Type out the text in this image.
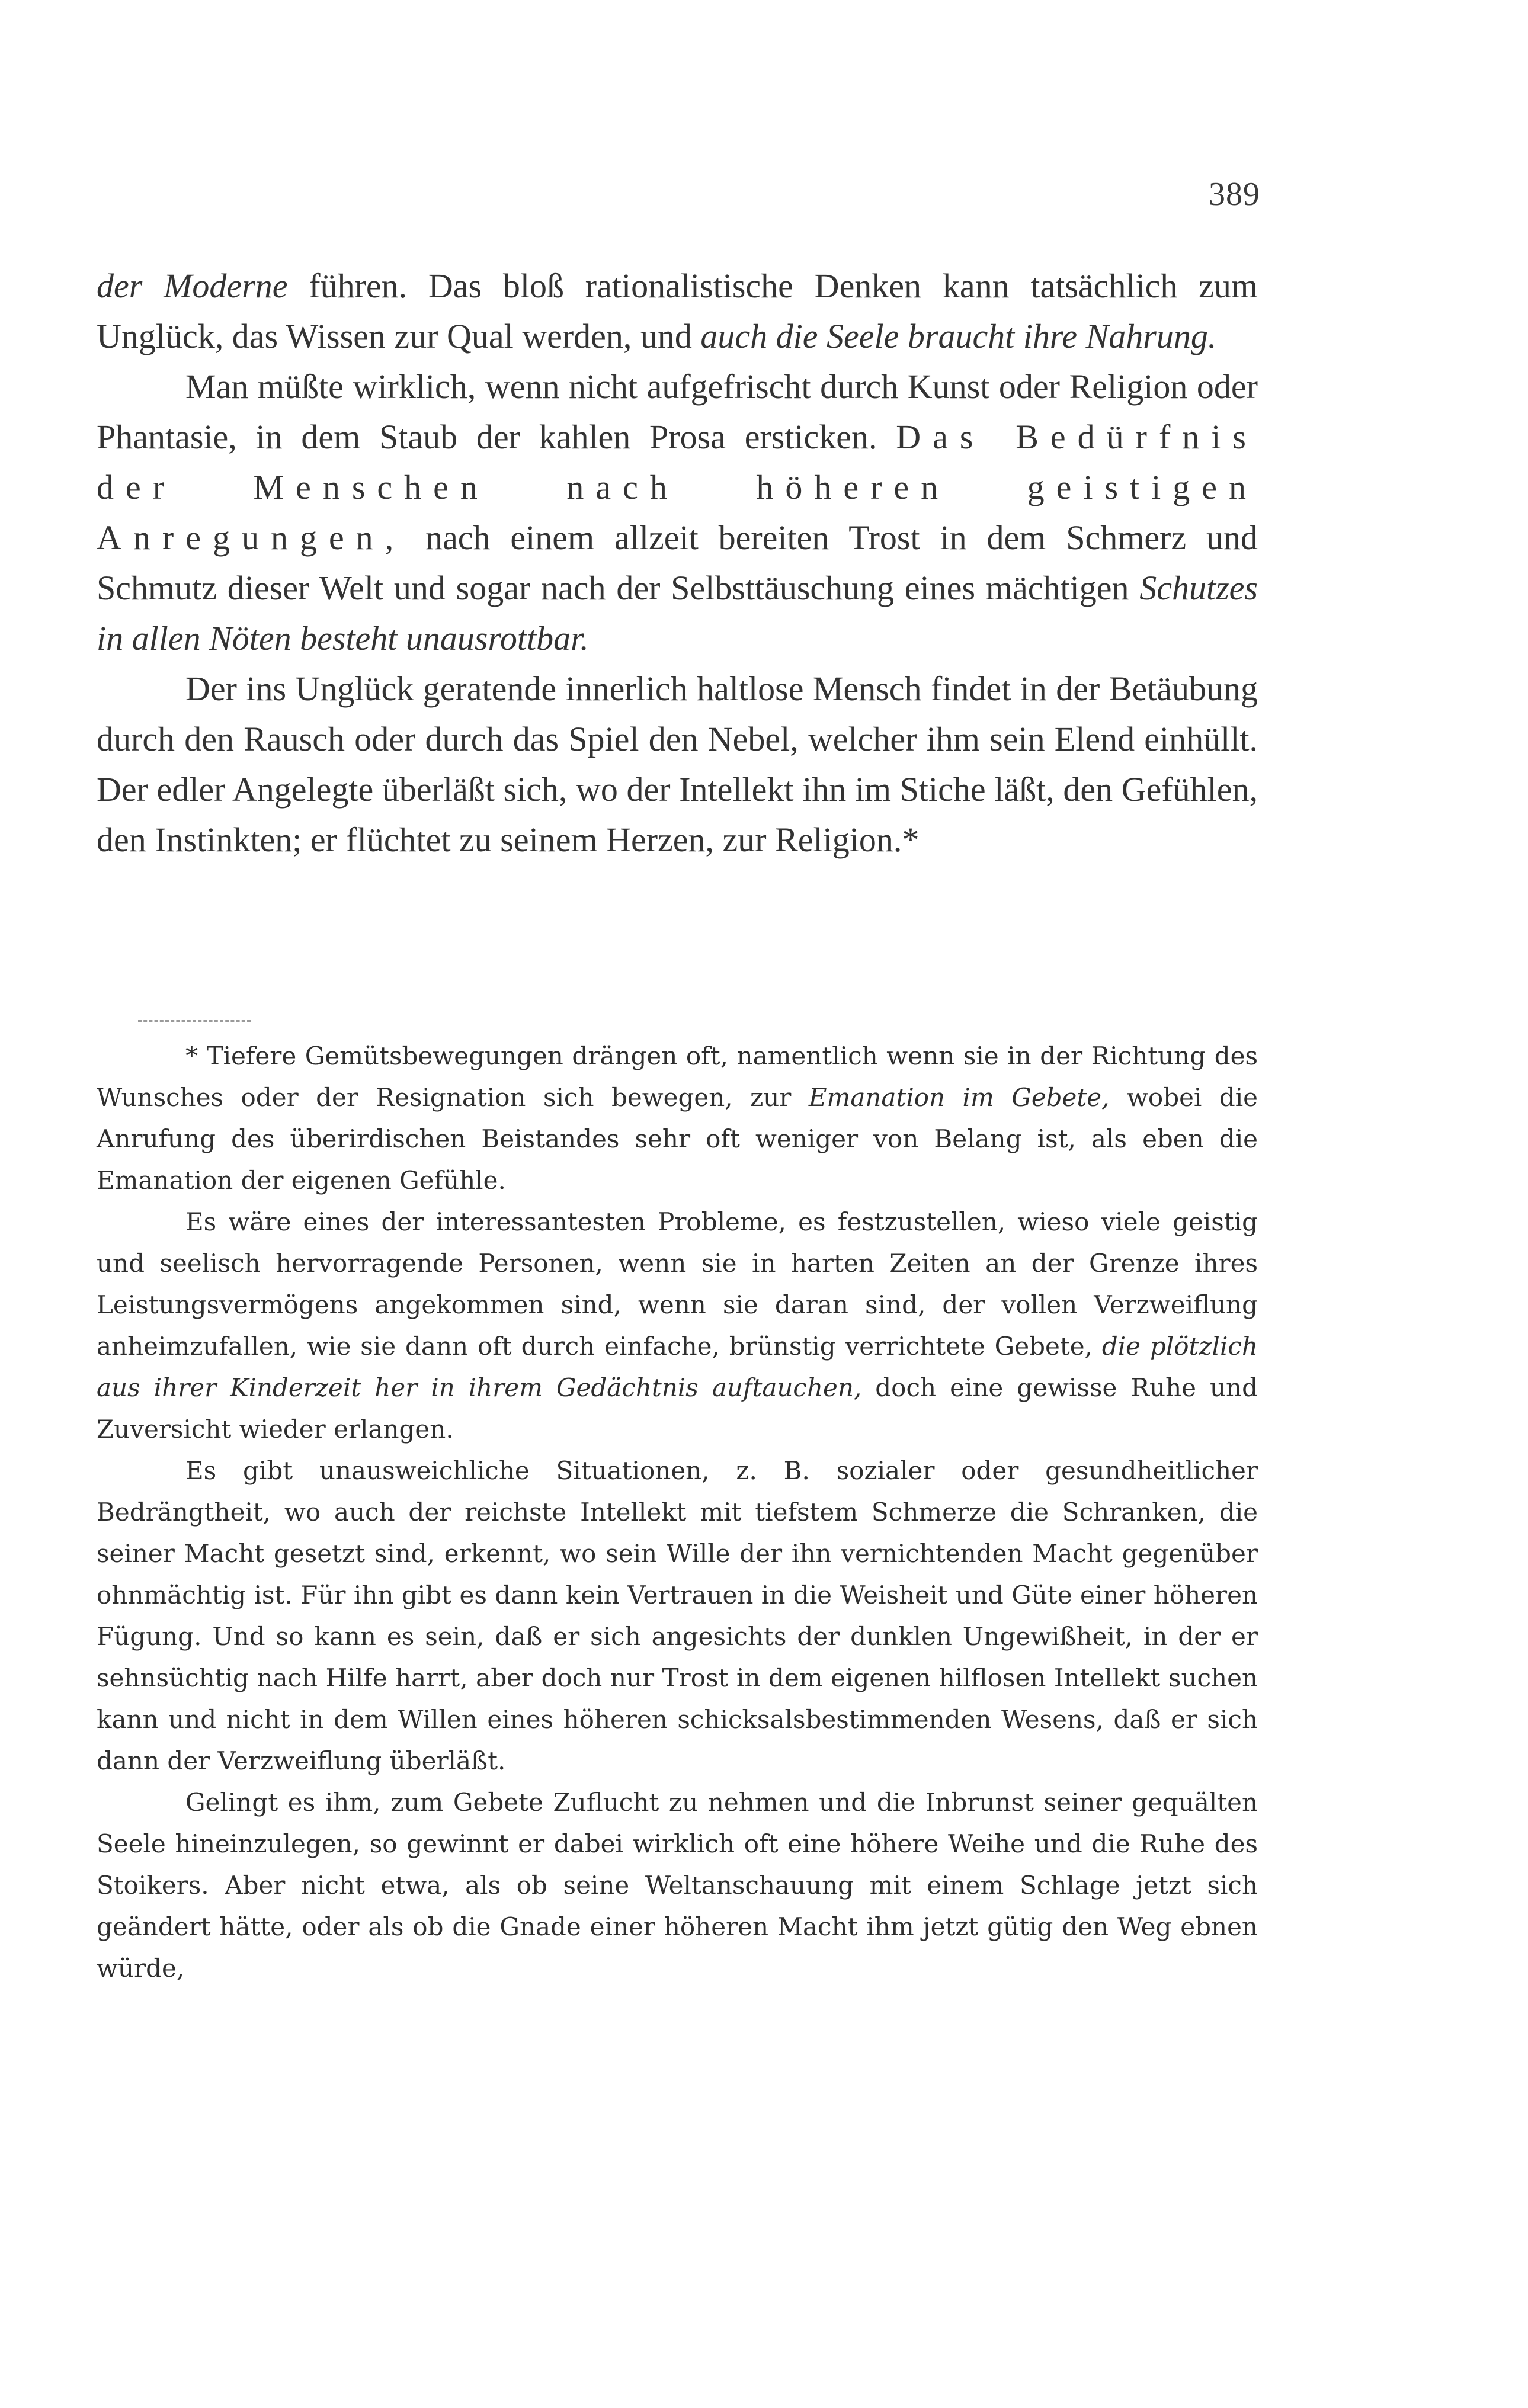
389

der Moderne führen. Das bloß rationalistische Denken kann tatsächlich zum Unglück, das Wissen zur Qual werden, und auch die Seele braucht ihre Nahrung.

Man müßte wirklich, wenn nicht aufgefrischt durch Kunst oder Religion oder Phantasie, in dem Staub der kahlen Prosa ersticken. Das Bedürfnis der Menschen nach höheren geistigen Anregungen, nach einem allzeit bereiten Trost in dem Schmerz und Schmutz dieser Welt und sogar nach der Selbsttäuschung eines mächtigen Schutzes in allen Nöten besteht unausrottbar.

Der ins Unglück geratende innerlich haltlose Mensch findet in der Betäubung durch den Rausch oder durch das Spiel den Nebel, welcher ihm sein Elend einhüllt. Der edler Angelegte überläßt sich, wo der Intellekt ihn im Stiche läßt, den Gefühlen, den Instinkten; er flüchtet zu seinem Herzen, zur Religion.*

* Tiefere Gemütsbewegungen drängen oft, namentlich wenn sie in der Richtung des Wunsches oder der Resignation sich bewegen, zur Emanation im Gebete, wobei die Anrufung des überirdischen Beistandes sehr oft weniger von Belang ist, als eben die Emanation der eigenen Gefühle.

Es wäre eines der interessantesten Probleme, es festzustellen, wieso viele geistig und seelisch hervorragende Personen, wenn sie in harten Zeiten an der Grenze ihres Leistungsvermögens angekommen sind, wenn sie daran sind, der vollen Verzweiflung anheimzufallen, wie sie dann oft durch einfache, brünstig verrichtete Gebete, die plötzlich aus ihrer Kinderzeit her in ihrem Gedächtnis auftauchen, doch eine gewisse Ruhe und Zuversicht wieder erlangen.

Es gibt unausweichliche Situationen, z. B. sozialer oder gesundheitlicher Bedrängtheit, wo auch der reichste Intellekt mit tiefstem Schmerze die Schranken, die seiner Macht gesetzt sind, erkennt, wo sein Wille der ihn vernichtenden Macht gegenüber ohnmächtig ist. Für ihn gibt es dann kein Vertrauen in die Weisheit und Güte einer höheren Fügung. Und so kann es sein, daß er sich angesichts der dunklen Ungewißheit, in der er sehnsüchtig nach Hilfe harrt, aber doch nur Trost in dem eigenen hilflosen Intellekt suchen kann und nicht in dem Willen eines höheren schicksalsbestimmenden Wesens, daß er sich dann der Verzweiflung überläßt.

Gelingt es ihm, zum Gebete Zuflucht zu nehmen und die Inbrunst seiner gequälten Seele hineinzulegen, so gewinnt er dabei wirklich oft eine höhere Weihe und die Ruhe des Stoikers. Aber nicht etwa, als ob seine Weltanschauung mit einem Schlage jetzt sich geändert hätte, oder als ob die Gnade einer höheren Macht ihm jetzt gütig den Weg ebnen würde,
